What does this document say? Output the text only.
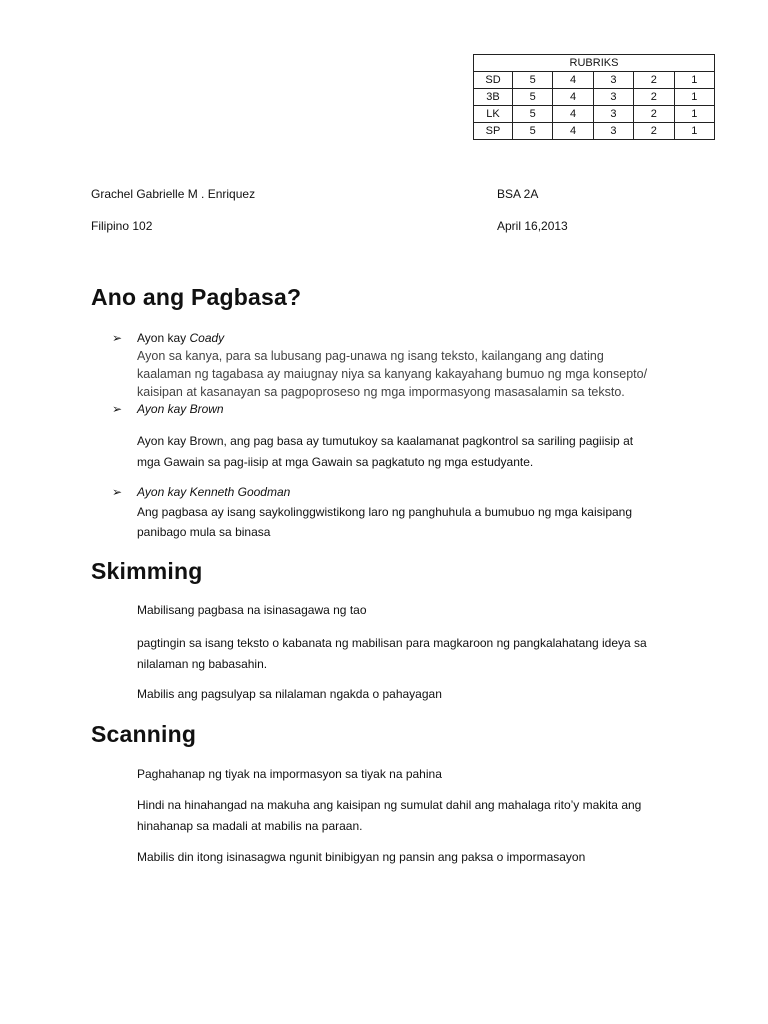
RUBRIKS					
SD	5	4	3	2	1
3B	5	4	3	2	1
LK	5	4	3	2	1
SP	5	4	3	2	1
Grachel Gabrielle M . Enriquez	BSA 2A
Filipino 102	April 16,2013
Ano ang Pagbasa?
➢ Ayon kay Coady
Ayon sa kanya, para sa lubusang pag-unawa ng isang teksto, kailangang ang dating
kaalaman ng tagabasa ay maiugnay niya sa kanyang kakayahang bumuo ng mga konsepto/
kaisipan at kasanayan sa pagpoproseso ng mga impormasyong masasalamin sa teksto.
➢ Ayon kay Brown
Ayon kay Brown, ang pag basa ay tumutukoy sa kaalamanat pagkontrol sa sariling pagiisip at
mga Gawain sa pag-iisip at mga Gawain sa pagkatuto ng mga estudyante.
➢ Ayon kay Kenneth Goodman
Ang pagbasa ay isang saykolinggwistikong laro ng panghuhula a bumubuo ng mga kaisipang
panibago mula sa binasa
Skimming
Mabilisang pagbasa na isinasagawa ng tao
pagtingin sa isang teksto o kabanata ng mabilisan para magkaroon ng pangkalahatang ideya sa
nilalaman ng babasahin.
Mabilis ang pagsulyap sa nilalaman ngakda o pahayagan
Scanning
Paghahanap ng tiyak na impormasyon sa tiyak na pahina
Hindi na hinahangad na makuha ang kaisipan ng sumulat dahil ang mahalaga rito’y makita ang
hinahanap sa madali at mabilis na paraan.
Mabilis din itong isinasagwa ngunit binibigyan ng pansin ang paksa o impormasayon
